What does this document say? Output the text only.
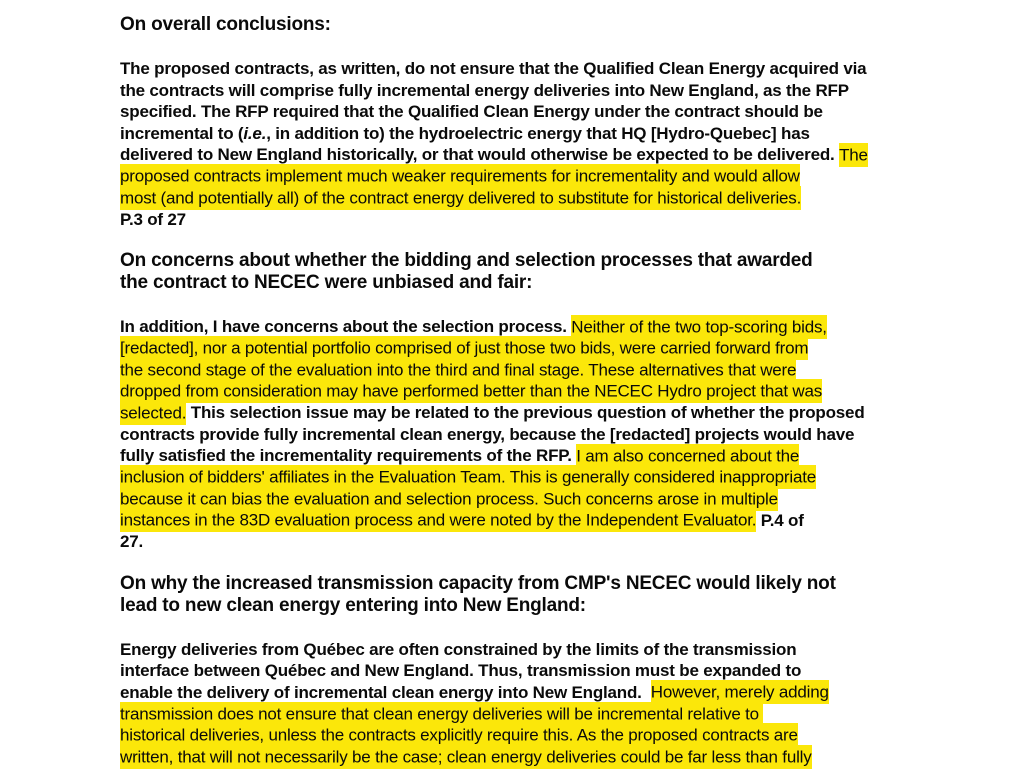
On overall conclusions:

The proposed contracts, as written, do not ensure that the Qualified Clean Energy acquired via
the contracts will comprise fully incremental energy deliveries into New England, as the RFP
specified. The RFP required that the Qualified Clean Energy under the contract should be
incremental to (i.e., in addition to) the hydroelectric energy that HQ [Hydro-Quebec] has
delivered to New England historically, or that would otherwise be expected to be delivered. The
proposed contracts implement much weaker requirements for incrementality and would allow
most (and potentially all) of the contract energy delivered to substitute for historical deliveries.
P.3 of 27

On concerns about whether the bidding and selection processes that awarded
the contract to NECEC were unbiased and fair:

In addition, I have concerns about the selection process. Neither of the two top-scoring bids,
[redacted], nor a potential portfolio comprised of just those two bids, were carried forward from
the second stage of the evaluation into the third and final stage. These alternatives that were
dropped from consideration may have performed better than the NECEC Hydro project that was
selected. This selection issue may be related to the previous question of whether the proposed
contracts provide fully incremental clean energy, because the [redacted] projects would have
fully satisfied the incrementality requirements of the RFP. I am also concerned about the
inclusion of bidders' affiliates in the Evaluation Team. This is generally considered inappropriate
because it can bias the evaluation and selection process. Such concerns arose in multiple
instances in the 83D evaluation process and were noted by the Independent Evaluator. P.4 of
27.

On why the increased transmission capacity from CMP's NECEC would likely not
lead to new clean energy entering into New England:

Energy deliveries from Québec are often constrained by the limits of the transmission
interface between Québec and New England. Thus, transmission must be expanded to
enable the delivery of incremental clean energy into New England.  However, merely adding
transmission does not ensure that clean energy deliveries will be incremental relative to
historical deliveries, unless the contracts explicitly require this. As the proposed contracts are
written, that will not necessarily be the case; clean energy deliveries could be far less than fully
